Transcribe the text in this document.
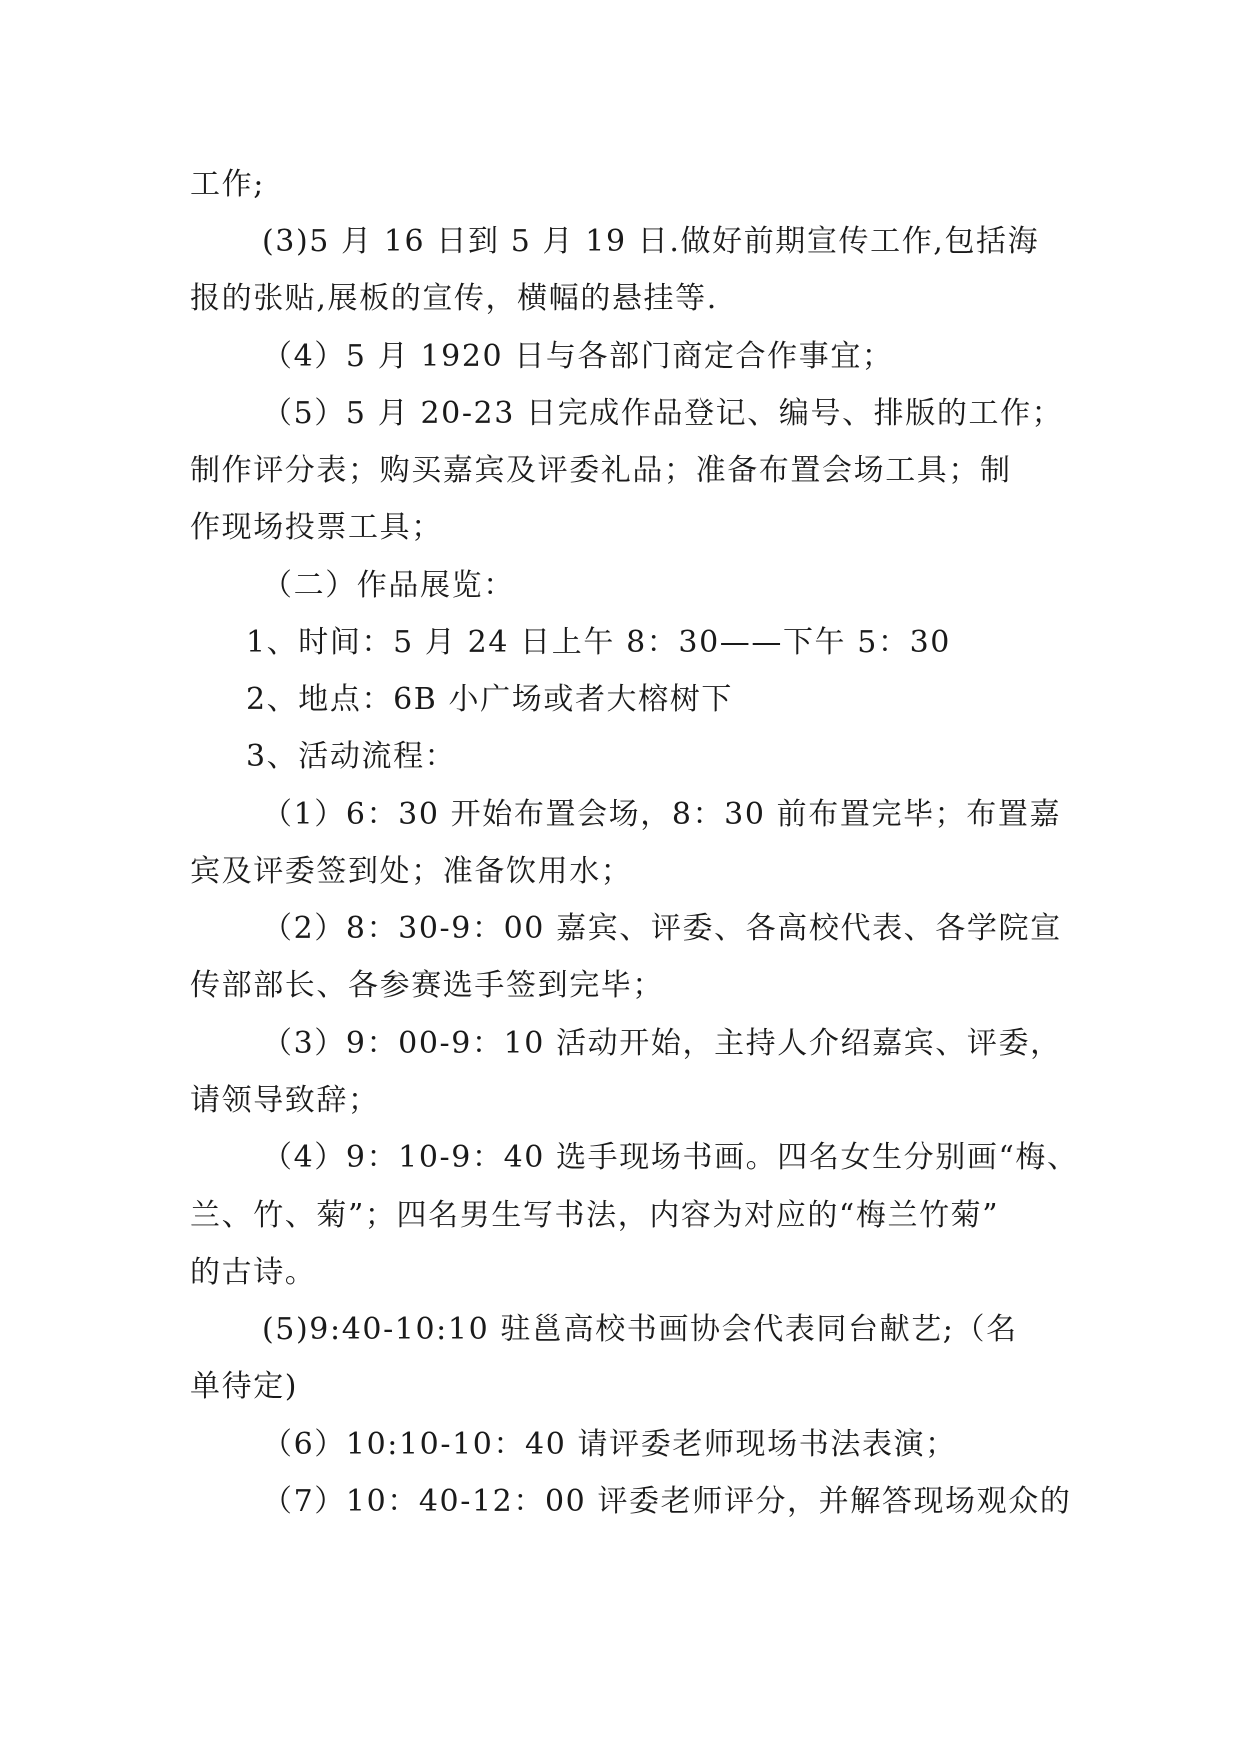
工作;
(3)5 月 16 日到 5 月 19 日.做好前期宣传工作,包括海
报的张贴,展板的宣传，横幅的悬挂等.
（4）5 月 1920 日与各部门商定合作事宜；
（5）5 月 20-23 日完成作品登记、编号、排版的工作；
制作评分表；购买嘉宾及评委礼品；准备布置会场工具；制
作现场投票工具；
（二）作品展览：
1、时间：5 月 24 日上午 8：30——下午 5：30
2、地点：6B 小广场或者大榕树下
3、活动流程：
（1）6：30 开始布置会场，8：30 前布置完毕；布置嘉
宾及评委签到处；准备饮用水；
（2）8：30-9：00 嘉宾、评委、各高校代表、各学院宣
传部部长、各参赛选手签到完毕；
（3）9：00-9：10 活动开始，主持人介绍嘉宾、评委，
请领导致辞；
（4）9：10-9：40 选手现场书画。四名女生分别画“梅、
兰、竹、菊”；四名男生写书法，内容为对应的“梅兰竹菊”
的古诗。
(5)9:40-10:10 驻邕高校书画协会代表同台献艺;（名
单待定)
（6）10:10-10：40 请评委老师现场书法表演；
（7）10：40-12：00 评委老师评分，并解答现场观众的
